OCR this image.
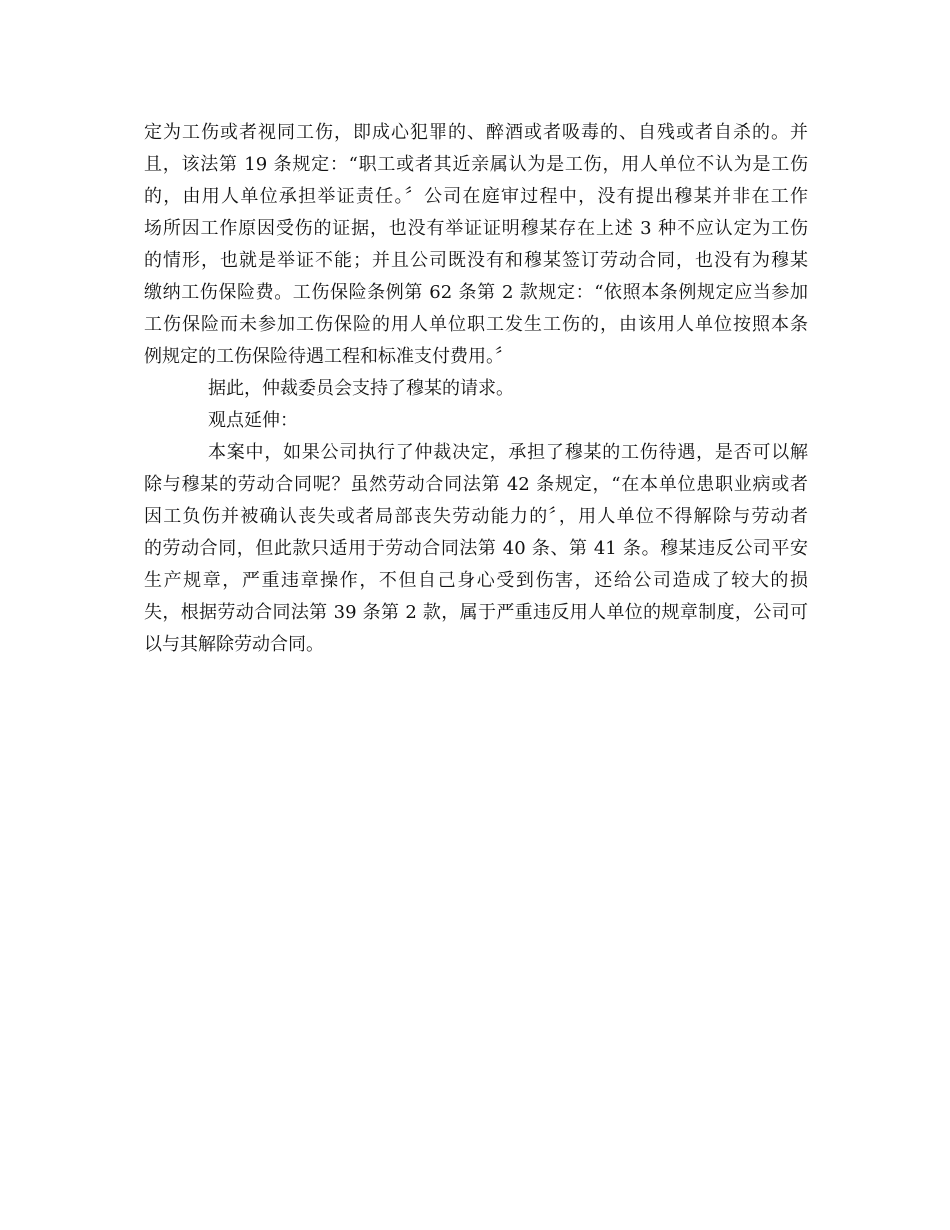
定为工伤或者视同工伤，即成心犯罪的、醉酒或者吸毒的、自残或者自杀的。并
且，该法第 19 条规定：“职工或者其近亲属认为是工伤，用人单位不认为是工伤
的，由用人单位承担举证责任。〞公司在庭审过程中，没有提出穆某并非在工作
场所因工作原因受伤的证据，也没有举证证明穆某存在上述 3 种不应认定为工伤
的情形，也就是举证不能；并且公司既没有和穆某签订劳动合同，也没有为穆某
缴纳工伤保险费。工伤保险条例第 62 条第 2 款规定：“依照本条例规定应当参加
工伤保险而未参加工伤保险的用人单位职工发生工伤的，由该用人单位按照本条
例规定的工伤保险待遇工程和标准支付费用。〞
据此，仲裁委员会支持了穆某的请求。
观点延伸：
本案中，如果公司执行了仲裁决定，承担了穆某的工伤待遇，是否可以解
除与穆某的劳动合同呢？虽然劳动合同法第 42 条规定，“在本单位患职业病或者
因工负伤并被确认丧失或者局部丧失劳动能力的〞，用人单位不得解除与劳动者
的劳动合同，但此款只适用于劳动合同法第 40 条、第 41 条。穆某违反公司平安
生产规章，严重违章操作，不但自己身心受到伤害，还给公司造成了较大的损
失，根据劳动合同法第 39 条第 2 款，属于严重违反用人单位的规章制度，公司可
以与其解除劳动合同。
